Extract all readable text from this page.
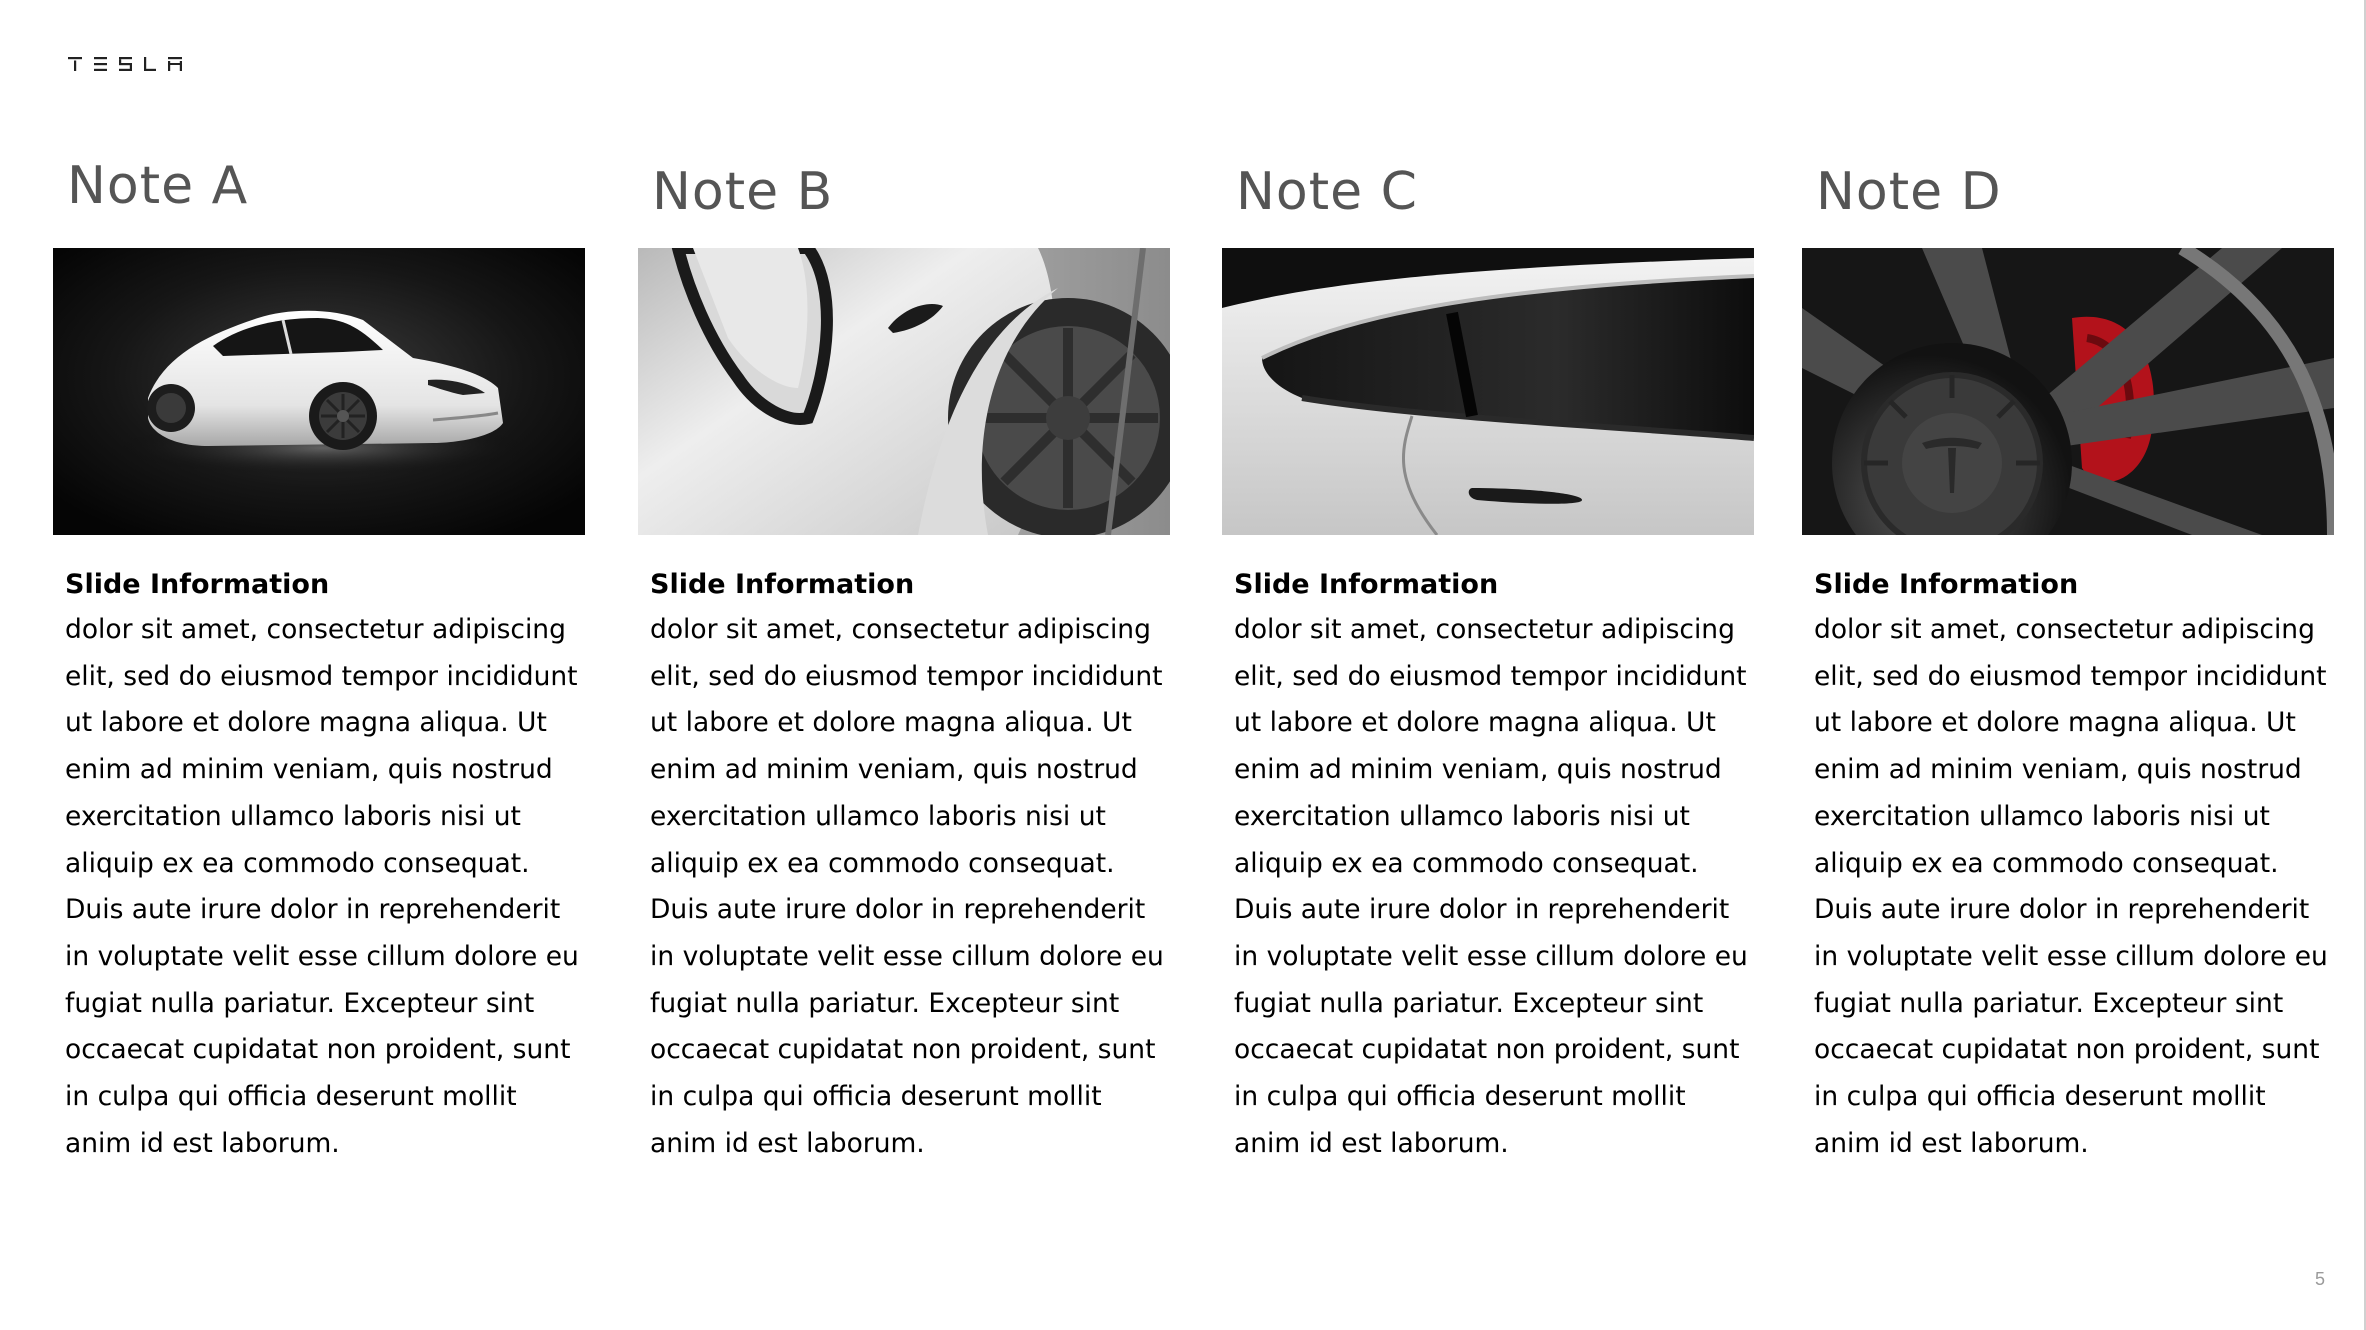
Note A

Slide Information

dolor sit amet, consectetur adipiscing elit, sed do eiusmod tempor incididunt ut labore et dolore magna aliqua. Ut enim ad minim veniam, quis nostrud exercitation ullamco laboris nisi ut aliquip ex ea commodo consequat. Duis aute irure dolor in reprehenderit in voluptate velit esse cillum dolore eu fugiat nulla pariatur. Excepteur sint occaecat cupidatat non proident, sunt in culpa qui officia deserunt mollit anim id est laborum.

Note B

Slide Information

dolor sit amet, consectetur adipiscing elit, sed do eiusmod tempor incididunt ut labore et dolore magna aliqua. Ut enim ad minim veniam, quis nostrud exercitation ullamco laboris nisi ut aliquip ex ea commodo consequat. Duis aute irure dolor in reprehenderit in voluptate velit esse cillum dolore eu fugiat nulla pariatur. Excepteur sint occaecat cupidatat non proident, sunt in culpa qui officia deserunt mollit anim id est laborum.

Note C

Slide Information

dolor sit amet, consectetur adipiscing elit, sed do eiusmod tempor incididunt ut labore et dolore magna aliqua. Ut enim ad minim veniam, quis nostrud exercitation ullamco laboris nisi ut aliquip ex ea commodo consequat. Duis aute irure dolor in reprehenderit in voluptate velit esse cillum dolore eu fugiat nulla pariatur. Excepteur sint occaecat cupidatat non proident, sunt in culpa qui officia deserunt mollit anim id est laborum.

Note D

Slide Information

dolor sit amet, consectetur adipiscing elit, sed do eiusmod tempor incididunt ut labore et dolore magna aliqua. Ut enim ad minim veniam, quis nostrud exercitation ullamco laboris nisi ut aliquip ex ea commodo consequat. Duis aute irure dolor in reprehenderit in voluptate velit esse cillum dolore eu fugiat nulla pariatur. Excepteur sint occaecat cupidatat non proident, sunt in culpa qui officia deserunt mollit anim id est laborum.

5
